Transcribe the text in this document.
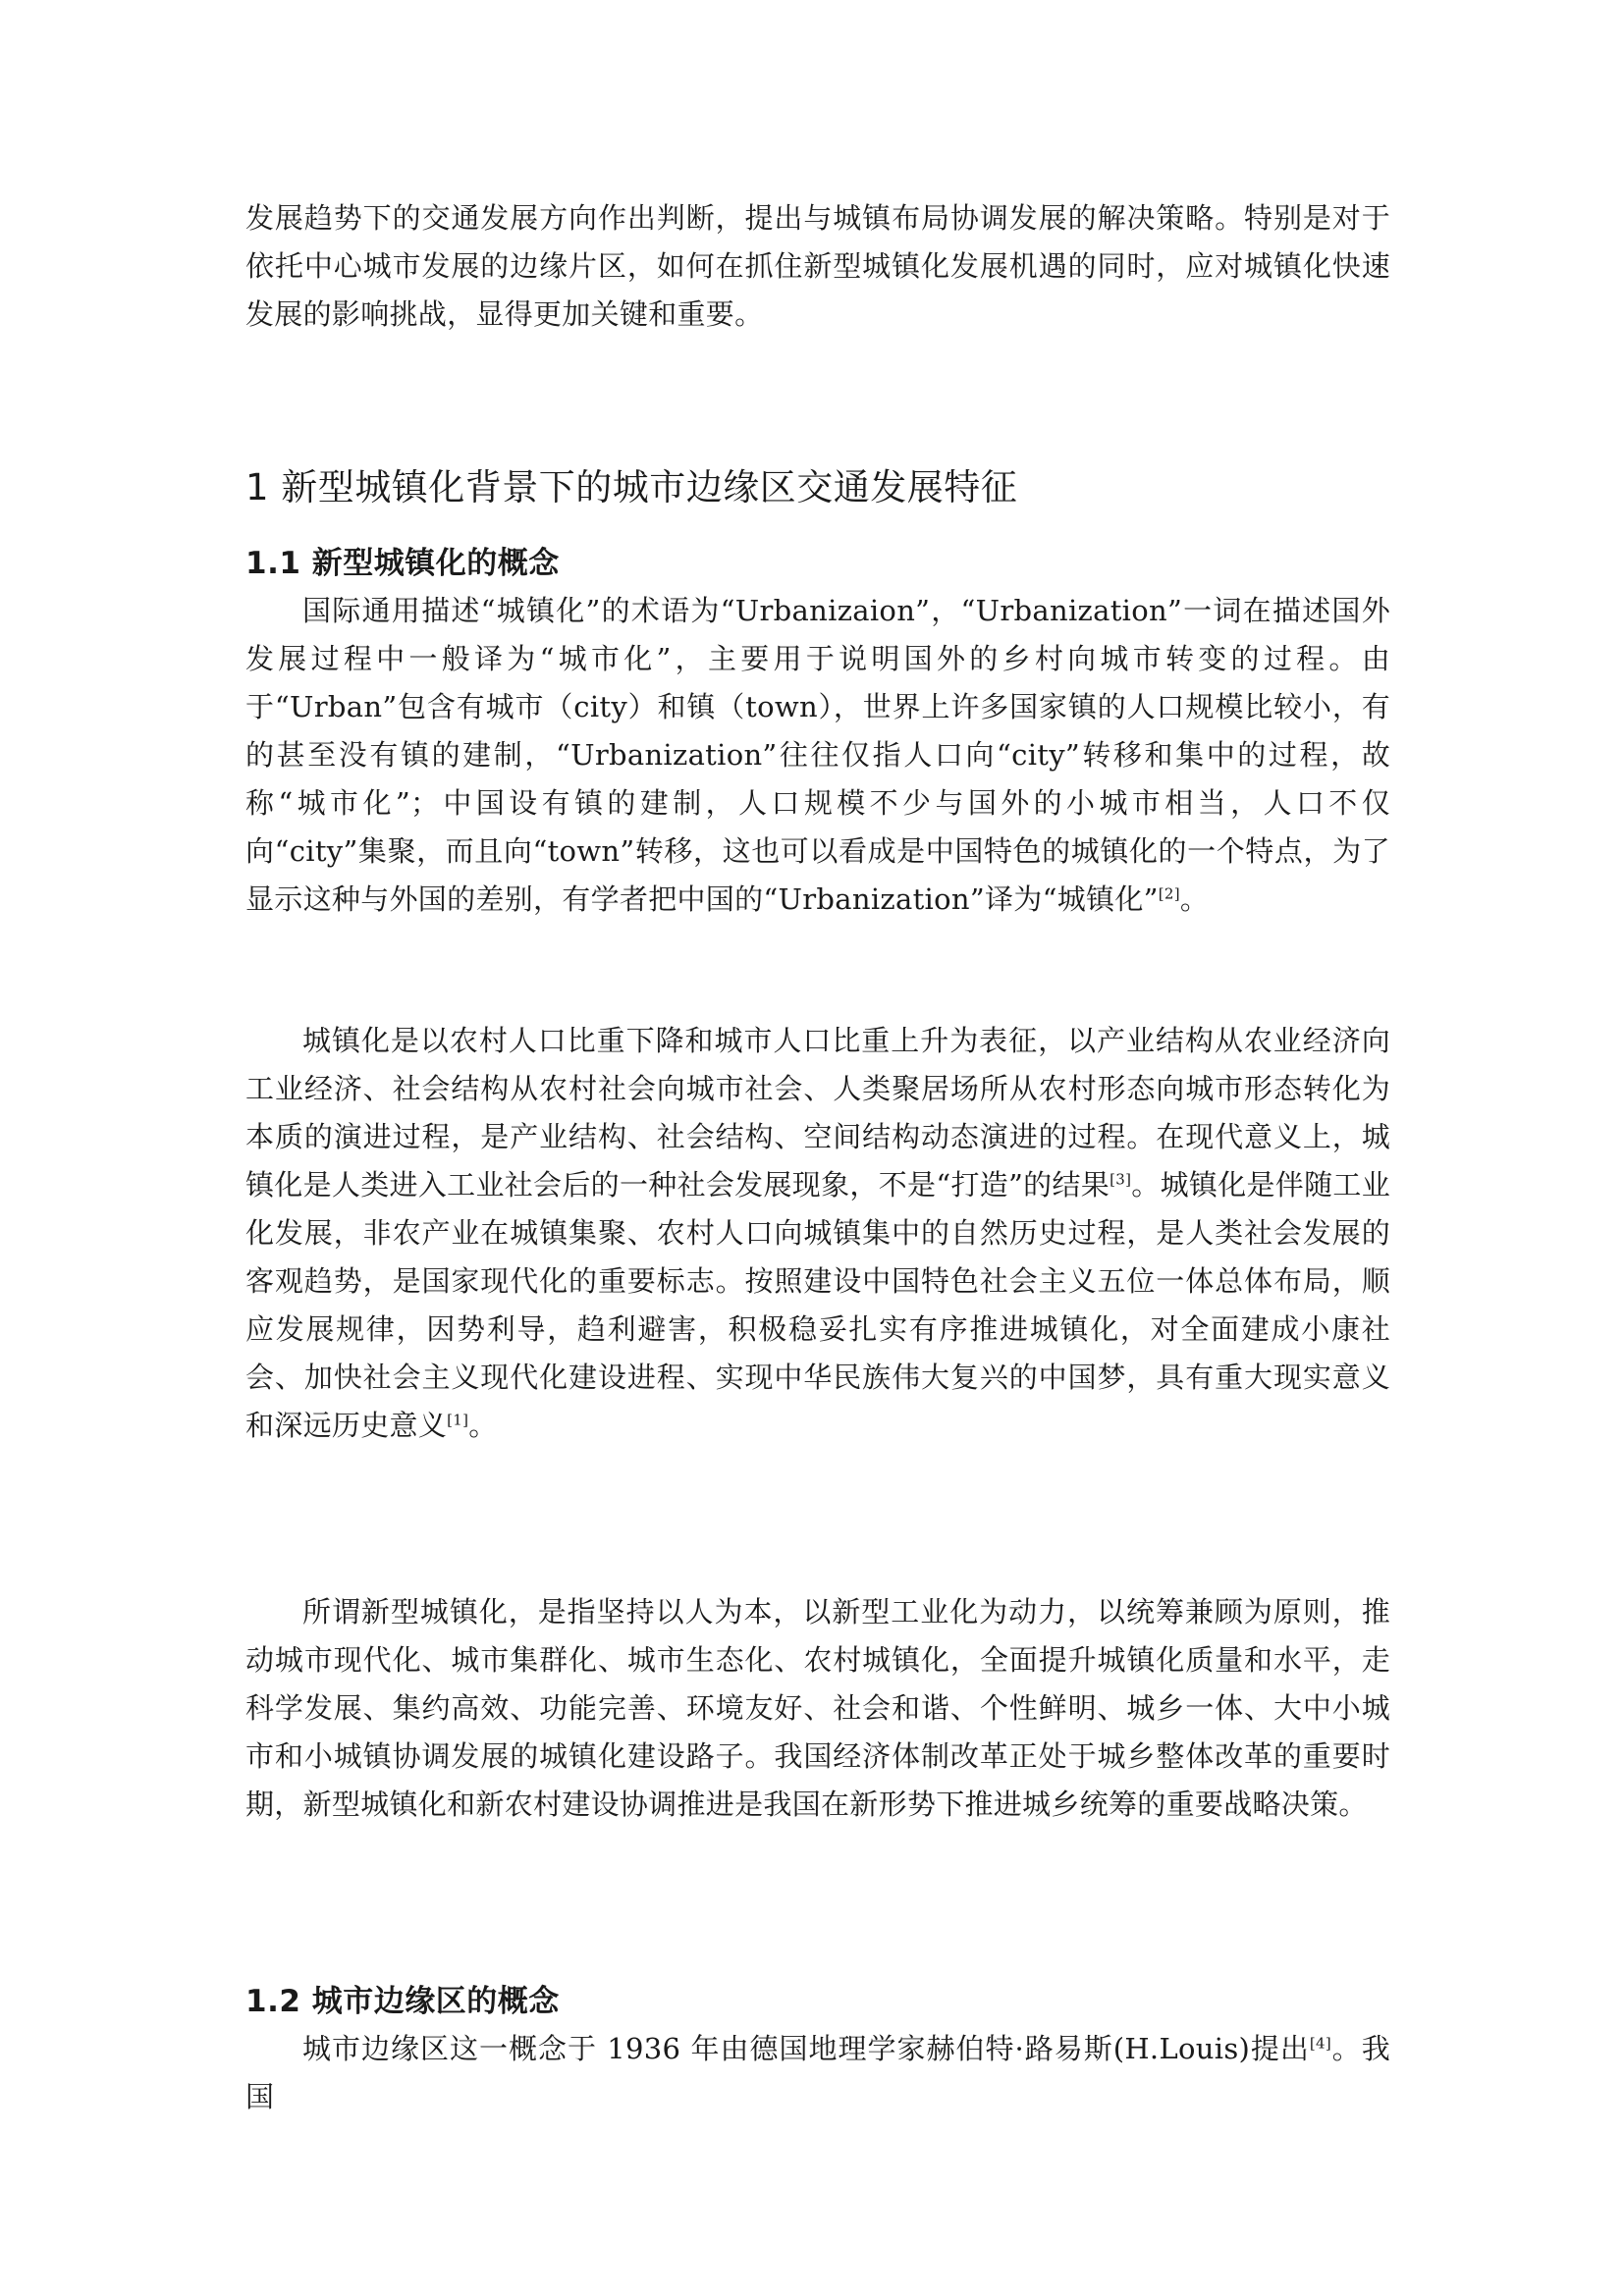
发展趋势下的交通发展方向作出判断，提出与城镇布局协调发展的解决策略。特别是对于依托中心城市发展的边缘片区，如何在抓住新型城镇化发展机遇的同时，应对城镇化快速发展的影响挑战，显得更加关键和重要。

1 新型城镇化背景下的城市边缘区交通发展特征
1.1 新型城镇化的概念

国际通用描述“城镇化”的术语为“Urbanizaion”，“Urbanization”一词在描述国外发展过程中一般译为“城市化”，主要用于说明国外的乡村向城市转变的过程。由于“Urban”包含有城市（city）和镇（town），世界上许多国家镇的人口规模比较小，有的甚至没有镇的建制，“Urbanization”往往仅指人口向“city”转移和集中的过程，故称“城市化”；中国设有镇的建制，人口规模不少与国外的小城市相当，人口不仅向“city”集聚，而且向“town”转移，这也可以看成是中国特色的城镇化的一个特点，为了显示这种与外国的差别，有学者把中国的“Urbanization”译为“城镇化”[2]。

城镇化是以农村人口比重下降和城市人口比重上升为表征，以产业结构从农业经济向工业经济、社会结构从农村社会向城市社会、人类聚居场所从农村形态向城市形态转化为本质的演进过程，是产业结构、社会结构、空间结构动态演进的过程。在现代意义上，城镇化是人类进入工业社会后的一种社会发展现象，不是“打造”的结果[3]。城镇化是伴随工业化发展，非农产业在城镇集聚、农村人口向城镇集中的自然历史过程，是人类社会发展的客观趋势，是国家现代化的重要标志。按照建设中国特色社会主义五位一体总体布局，顺应发展规律，因势利导，趋利避害，积极稳妥扎实有序推进城镇化，对全面建成小康社会、加快社会主义现代化建设进程、实现中华民族伟大复兴的中国梦，具有重大现实意义和深远历史意义[1]。

所谓新型城镇化，是指坚持以人为本，以新型工业化为动力，以统筹兼顾为原则，推动城市现代化、城市集群化、城市生态化、农村城镇化，全面提升城镇化质量和水平，走科学发展、集约高效、功能完善、环境友好、社会和谐、个性鲜明、城乡一体、大中小城市和小城镇协调发展的城镇化建设路子。我国经济体制改革正处于城乡整体改革的重要时期，新型城镇化和新农村建设协调推进是我国在新形势下推进城乡统筹的重要战略决策。

1.2 城市边缘区的概念

城市边缘区这一概念于 1936 年由德国地理学家赫伯特·路易斯(H.Louis)提出[4]。我国
